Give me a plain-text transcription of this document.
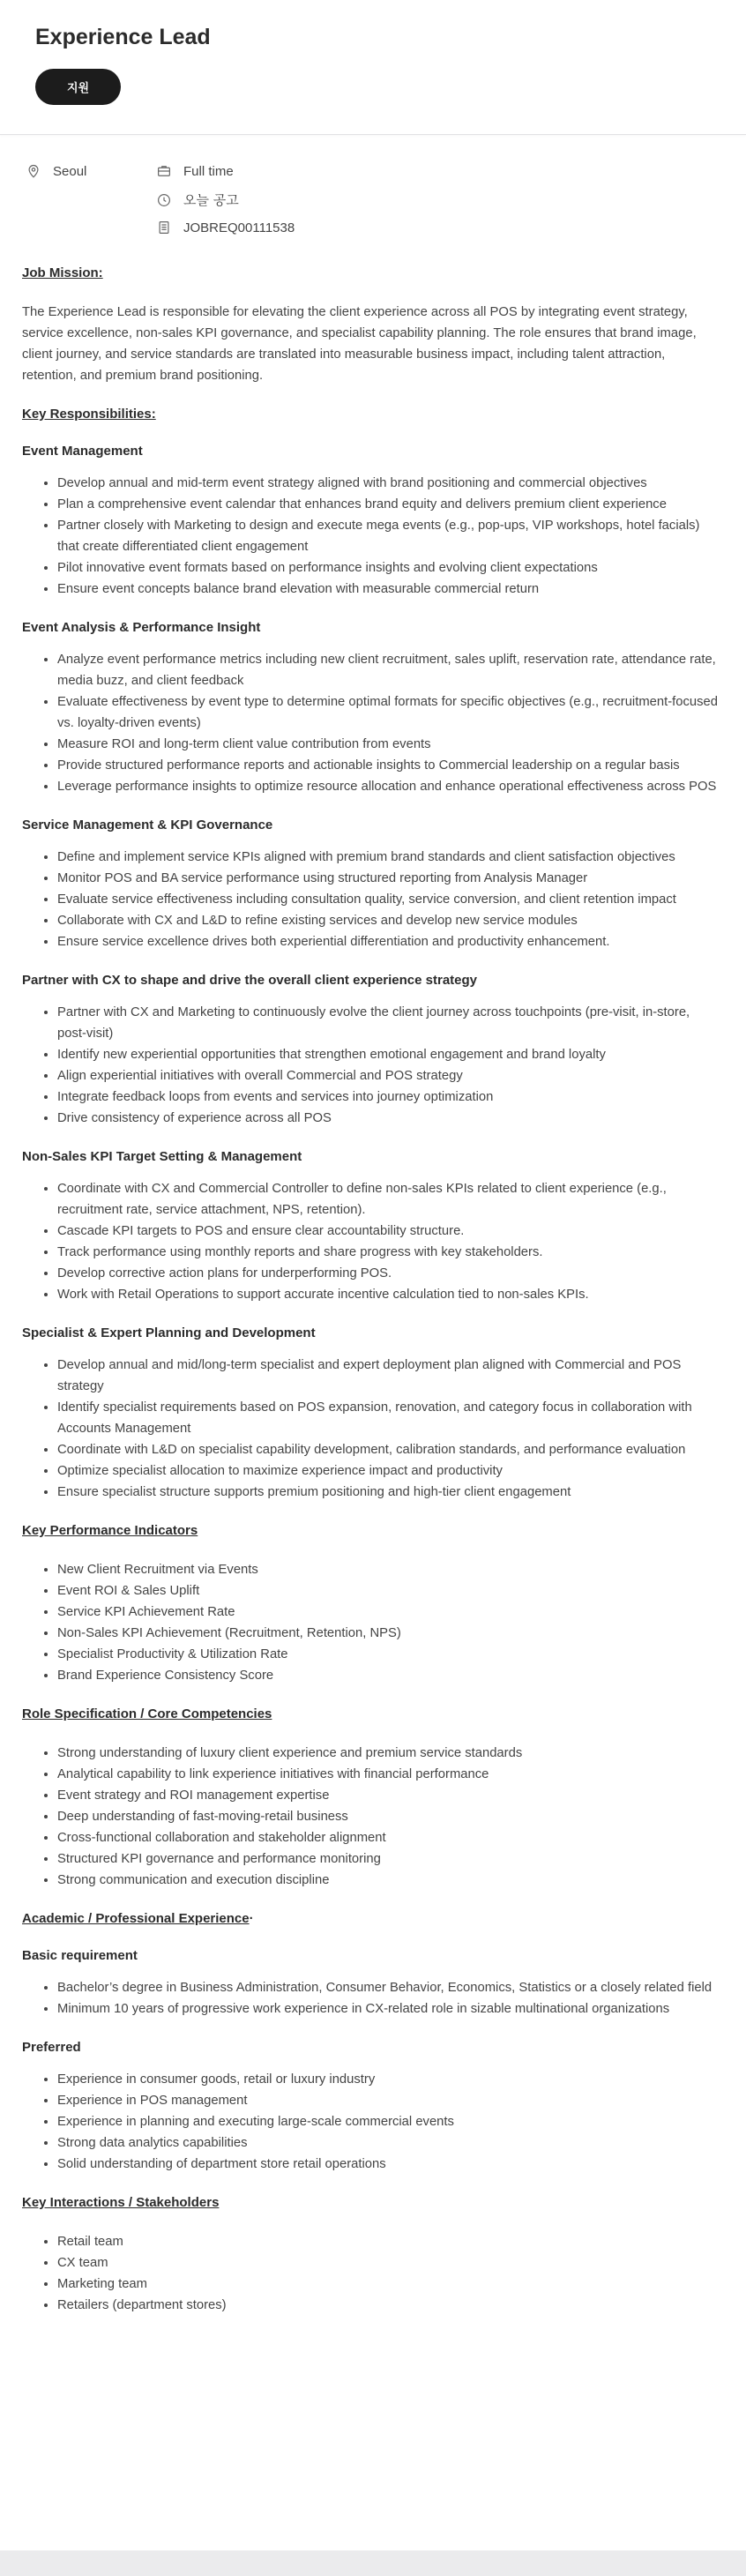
Experience Lead
지원
Seoul	Full time
오늘 공고
JOBREQ00111538
Job Mission:

The Experience Lead is responsible for elevating the client experience across all POS by integrating event strategy, service excellence, non-sales KPI governance, and specialist capability planning. The role ensures that brand image, client journey, and service standards are translated into measurable business impact, including talent attraction, retention, and premium brand positioning.

Key Responsibilities:
Event Management
• Develop annual and mid-term event strategy aligned with brand positioning and commercial objectives
• Plan a comprehensive event calendar that enhances brand equity and delivers premium client experience
• Partner closely with Marketing to design and execute mega events (e.g., pop-ups, VIP workshops, hotel facials) that create differentiated client engagement
• Pilot innovative event formats based on performance insights and evolving client expectations
• Ensure event concepts balance brand elevation with measurable commercial return
Event Analysis & Performance Insight
• Analyze event performance metrics including new client recruitment, sales uplift, reservation rate, attendance rate, media buzz, and client feedback
• Evaluate effectiveness by event type to determine optimal formats for specific objectives (e.g., recruitment-focused vs. loyalty-driven events)
• Measure ROI and long-term client value contribution from events
• Provide structured performance reports and actionable insights to Commercial leadership on a regular basis
• Leverage performance insights to optimize resource allocation and enhance operational effectiveness across POS
Service Management & KPI Governance
• Define and implement service KPIs aligned with premium brand standards and client satisfaction objectives
• Monitor POS and BA service performance using structured reporting from Analysis Manager
• Evaluate service effectiveness including consultation quality, service conversion, and client retention impact
• Collaborate with CX and L&D to refine existing services and develop new service modules
• Ensure service excellence drives both experiential differentiation and productivity enhancement.
Partner with CX to shape and drive the overall client experience strategy
• Partner with CX and Marketing to continuously evolve the client journey across touchpoints (pre-visit, in-store, post-visit)
• Identify new experiential opportunities that strengthen emotional engagement and brand loyalty
• Align experiential initiatives with overall Commercial and POS strategy
• Integrate feedback loops from events and services into journey optimization
• Drive consistency of experience across all POS
Non-Sales KPI Target Setting & Management
• Coordinate with CX and Commercial Controller to define non-sales KPIs related to client experience (e.g., recruitment rate, service attachment, NPS, retention).
• Cascade KPI targets to POS and ensure clear accountability structure.
• Track performance using monthly reports and share progress with key stakeholders.
• Develop corrective action plans for underperforming POS.
• Work with Retail Operations to support accurate incentive calculation tied to non-sales KPIs.
Specialist & Expert Planning and Development
• Develop annual and mid/long-term specialist and expert deployment plan aligned with Commercial and POS strategy
• Identify specialist requirements based on POS expansion, renovation, and category focus in collaboration with Accounts Management
• Coordinate with L&D on specialist capability development, calibration standards, and performance evaluation
• Optimize specialist allocation to maximize experience impact and productivity
• Ensure specialist structure supports premium positioning and high-tier client engagement
Key Performance Indicators
• New Client Recruitment via Events
• Event ROI & Sales Uplift
• Service KPI Achievement Rate
• Non-Sales KPI Achievement (Recruitment, Retention, NPS)
• Specialist Productivity & Utilization Rate
• Brand Experience Consistency Score
Role Specification / Core Competencies
• Strong understanding of luxury client experience and premium service standards
• Analytical capability to link experience initiatives with financial performance
• Event strategy and ROI management expertise
• Deep understanding of fast-moving-retail business
• Cross-functional collaboration and stakeholder alignment
• Structured KPI governance and performance monitoring
• Strong communication and execution discipline
Academic / Professional Experience·
Basic requirement
• Bachelor’s degree in Business Administration, Consumer Behavior, Economics, Statistics or a closely related field
• Minimum 10 years of progressive work experience in CX-related role in sizable multinational organizations
Preferred
• Experience in consumer goods, retail or luxury industry
• Experience in POS management
• Experience in planning and executing large-scale commercial events
• Strong data analytics capabilities
• Solid understanding of department store retail operations
Key Interactions / Stakeholders
• Retail team
• CX team
• Marketing team
• Retailers (department stores)
